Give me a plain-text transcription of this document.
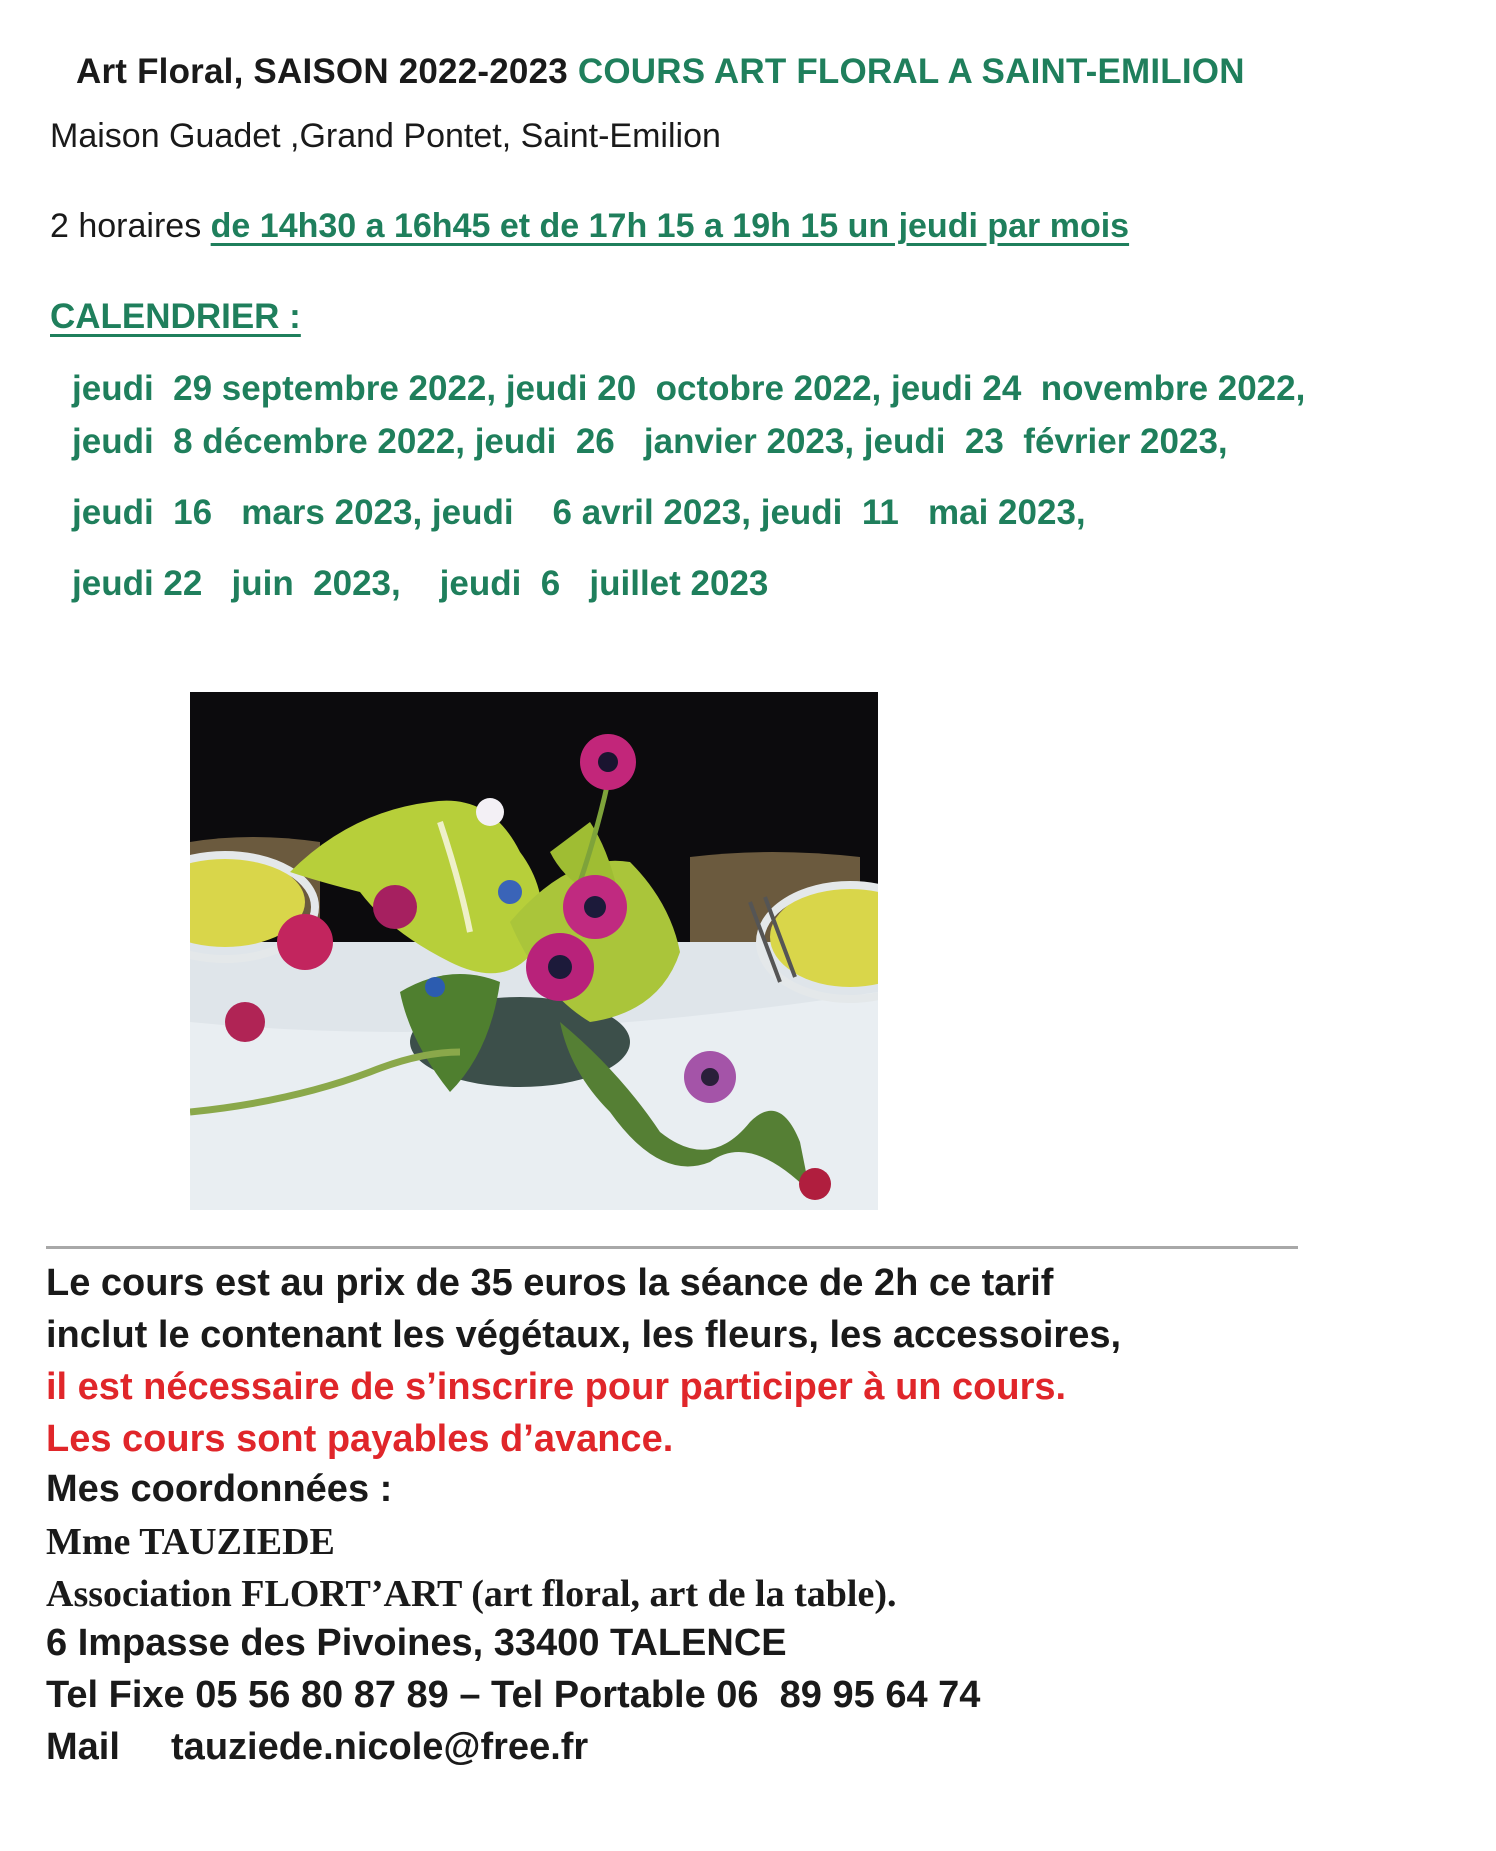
Art Floral, SAISON 2022-2023 COURS ART FLORAL A SAINT-EMILION
Maison Guadet ,Grand Pontet, Saint-Emilion
2 horaires de 14h30 a 16h45 et de 17h 15 a 19h 15 un jeudi par mois
CALENDRIER :
jeudi  29 septembre 2022, jeudi 20  octobre 2022, jeudi 24  novembre 2022,
jeudi  8 décembre 2022, jeudi  26   janvier 2023, jeudi  23  février 2023,
jeudi  16   mars 2023, jeudi    6 avril 2023, jeudi  11   mai 2023,
jeudi 22   juin  2023,    jeudi  6   juillet 2023
Le cours est au prix de 35 euros la séance de 2h ce tarif
inclut le contenant les végétaux, les fleurs, les accessoires,
il est nécessaire de s’inscrire pour participer à un cours.
Les cours sont payables d’avance.
Mes coordonnées :
Mme TAUZIEDE
Association FLORT’ART (art floral, art de la table).
6 Impasse des Pivoines, 33400 TALENCE
Tel Fixe 05 56 80 87 89 – Tel Portable 06  89 95 64 74
Mail tauziede.nicole@free.fr
